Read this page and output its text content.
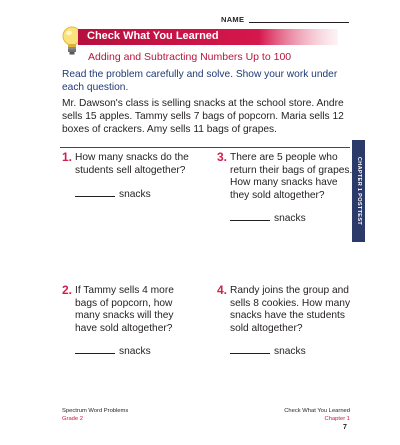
NAME
Check What You Learned
Adding and Subtracting Numbers Up to 100
Read the problem carefully and solve. Show your work under each question.
Mr. Dawson's class is selling snacks at the school store. Andre sells 15 apples. Tammy sells 7 bags of popcorn. Maria sells 12 boxes of crackers. Amy sells 11 bags of grapes.
1. How many snacks do the students sell altogether?
snacks
3. There are 5 people who return their bags of grapes. How many snacks have they sold altogether?
snacks
2. If Tammy sells 4 more bags of popcorn, how many snacks will they have sold altogether?
snacks
4. Randy joins the group and sells 8 cookies. How many snacks have the students sold altogether?
snacks
CHAPTER 1 POSTTEST
Spectrum Word Problems
Grade 2
Check What You Learned
Chapter 1
7
